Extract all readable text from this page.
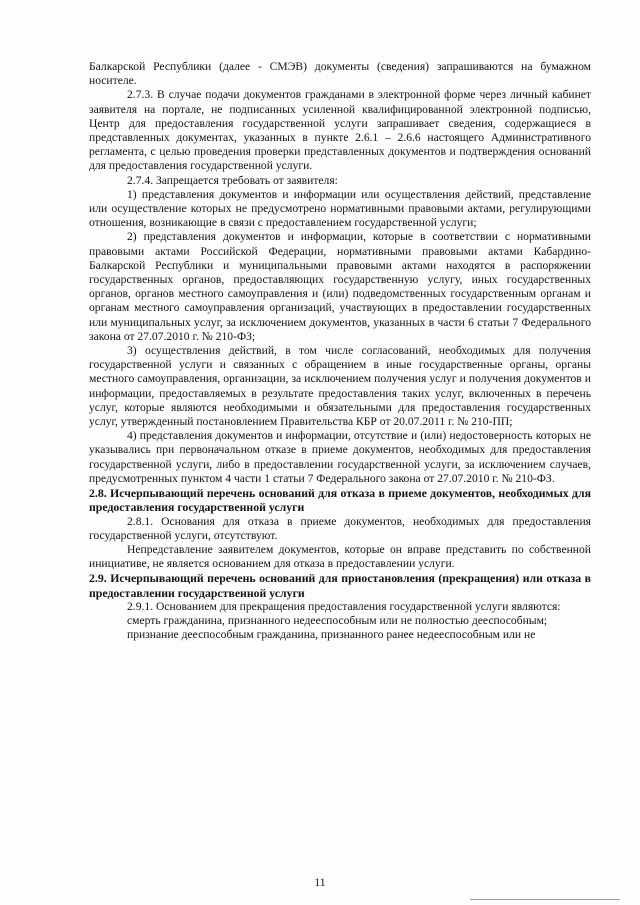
Балкарской Республики (далее - СМЭВ) документы (сведения) запрашиваются на бумажном носителе.

2.7.3. В случае подачи документов гражданами в электронной форме через личный кабинет заявителя на портале, не подписанных усиленной квалифицированной электронной подписью, Центр для предоставления государственной услуги запрашивает сведения, содержащиеся в представленных документах, указанных в пункте 2.6.1 – 2.6.6 настоящего Административного регламента, с целью проведения проверки представленных документов и подтверждения оснований для предоставления государственной услуги.

2.7.4. Запрещается требовать от заявителя:

1) представления документов и информации или осуществления действий, представление или осуществление которых не предусмотрено нормативными правовыми актами, регулирующими отношения, возникающие в связи с предоставлением государственной услуги;

2) представления документов и информации, которые в соответствии с нормативными правовыми актами Российской Федерации, нормативными правовыми актами Кабардино-Балкарской Республики и муниципальными правовыми актами находятся в распоряжении государственных органов, предоставляющих государственную услугу, иных государственных органов, органов местного самоуправления и (или) подведомственных государственным органам и органам местного самоуправления организаций, участвующих в предоставлении государственных или муниципальных услуг, за исключением документов, указанных в части 6 статьи 7 Федерального закона от 27.07.2010 г. № 210-ФЗ;

3) осуществления действий, в том числе согласований, необходимых для получения государственной услуги и связанных с обращением в иные государственные органы, органы местного самоуправления, организации, за исключением получения услуг и получения документов и информации, предоставляемых в результате предоставления таких услуг, включенных в перечень услуг, которые являются необходимыми и обязательными для предоставления государственных услуг, утвержденный постановлением Правительства КБР от 20.07.2011 г. № 210-ПП;

4) представления документов и информации, отсутствие и (или) недостоверность которых не указывались при первоначальном отказе в приеме документов, необходимых для предоставления государственной услуги, либо в предоставлении государственной услуги, за исключением случаев, предусмотренных пунктом 4 части 1 статьи 7 Федерального закона от 27.07.2010 г. № 210-ФЗ.

2.8. Исчерпывающий перечень оснований для отказа в приеме документов, необходимых для предоставления государственной услуги

2.8.1. Основания для отказа в приеме документов, необходимых для предоставления государственной услуги, отсутствуют.

Непредставление заявителем документов, которые он вправе представить по собственной инициативе, не является основанием для отказа в предоставлении услуги.

2.9. Исчерпывающий перечень оснований для приостановления (прекращения) или отказа в предоставлении государственной услуги

2.9.1. Основанием для прекращения предоставления государственной услуги являются:

смерть гражданина, признанного недееспособным или не полностью дееспособным;

признание дееспособным гражданина, признанного ранее недееспособным или не

11
